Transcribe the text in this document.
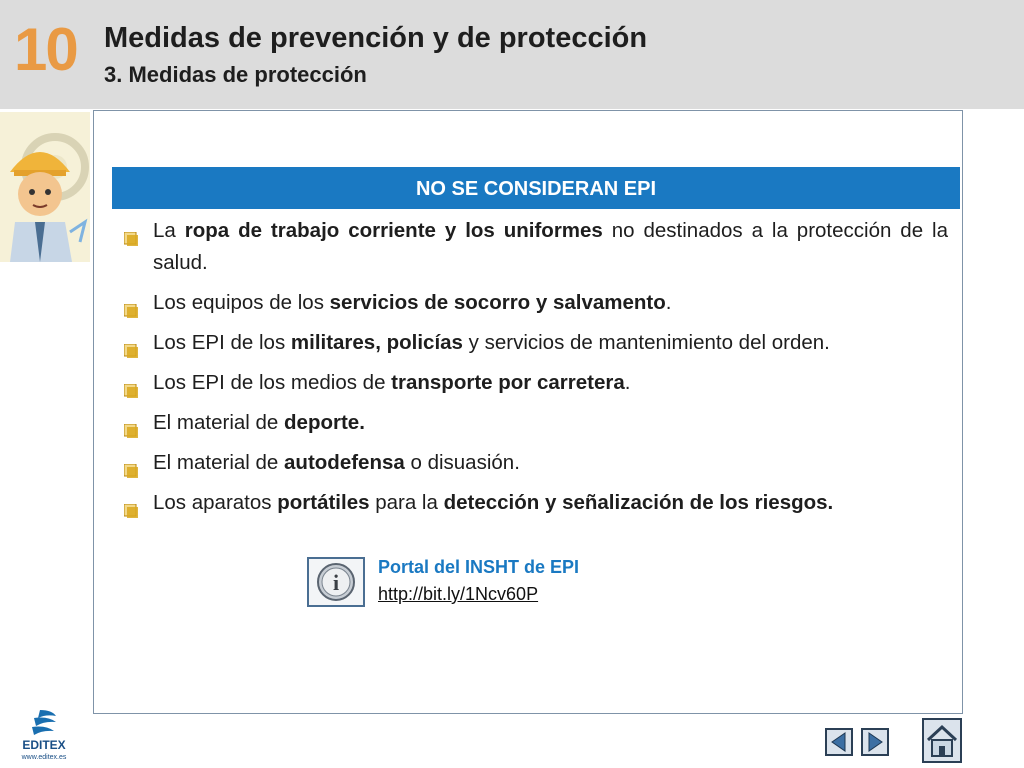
10 Medidas de prevención y de protección
3. Medidas de protección
NO SE CONSIDERAN EPI
La ropa de trabajo corriente y los uniformes no destinados a la protección de la salud.
Los equipos de los servicios de socorro y salvamento.
Los EPI de los militares, policías y servicios de mantenimiento del orden.
Los EPI de los medios de transporte por carretera.
El material de deporte.
El material de autodefensa o disuasión.
Los aparatos portátiles para la detección y señalización de los riesgos.
i
Portal del INSHT de EPI
http://bit.ly/1Ncv60P
EDITEX
www.editex.es
